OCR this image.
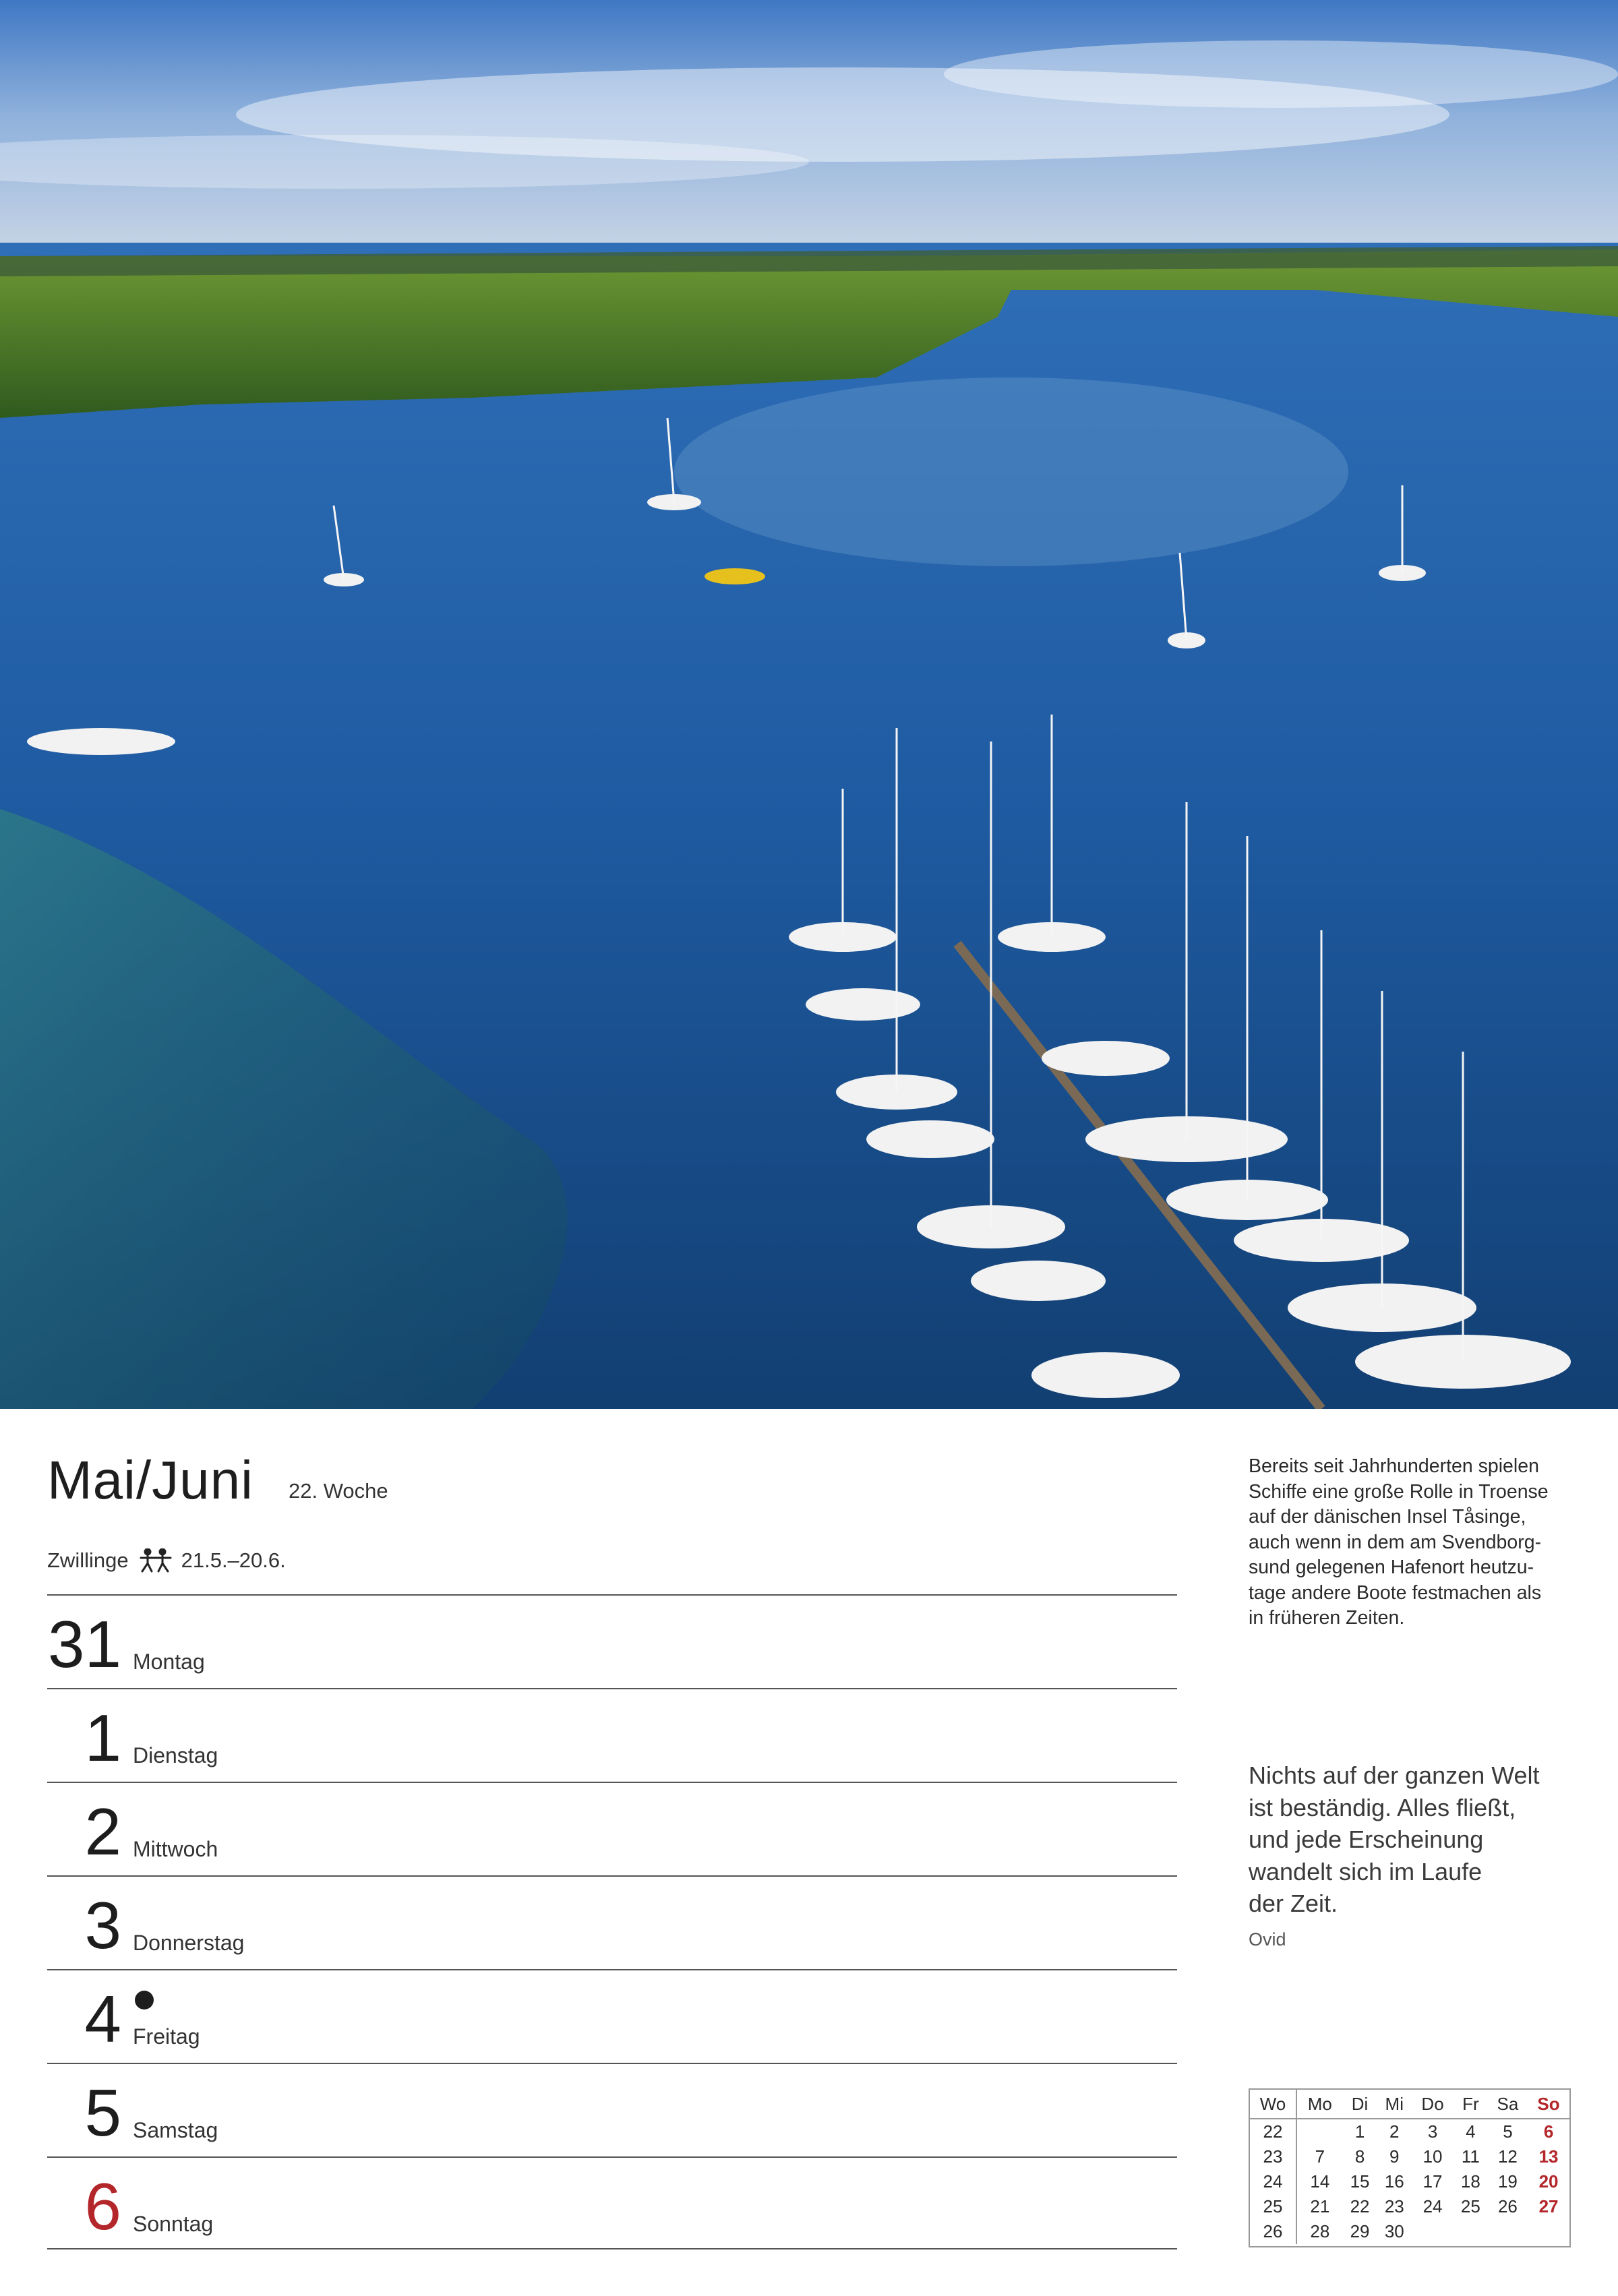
Mai/Juni 22. Woche
Zwillinge	21.5.–20.6.
31 Montag
1 Dienstag
2 Mittwoch
3 Donnerstag
4 Freitag
5 Samstag
6 Sonntag
Bereits seit Jahrhunderten spielen
Schiffe eine große Rolle in Troense
auf der dänischen Insel Tåsinge,
auch wenn in dem am Svendborg-
sund gelegenen Hafenort heutzu-
tage andere Boote festmachen als
in früheren Zeiten.
Nichts auf der ganzen Welt
ist beständig. Alles fließt,
und jede Erscheinung
wandelt sich im Laufe
der Zeit.
Ovid
Wo	Mo	Di	Mi	Do	Fr	Sa	So
22		1	2	3	4	5	6
23	7	8	9	10	11	12	13
24	14	15	16	17	18	19	20
25	21	22	23	24	25	26	27
26	28	29	30				
